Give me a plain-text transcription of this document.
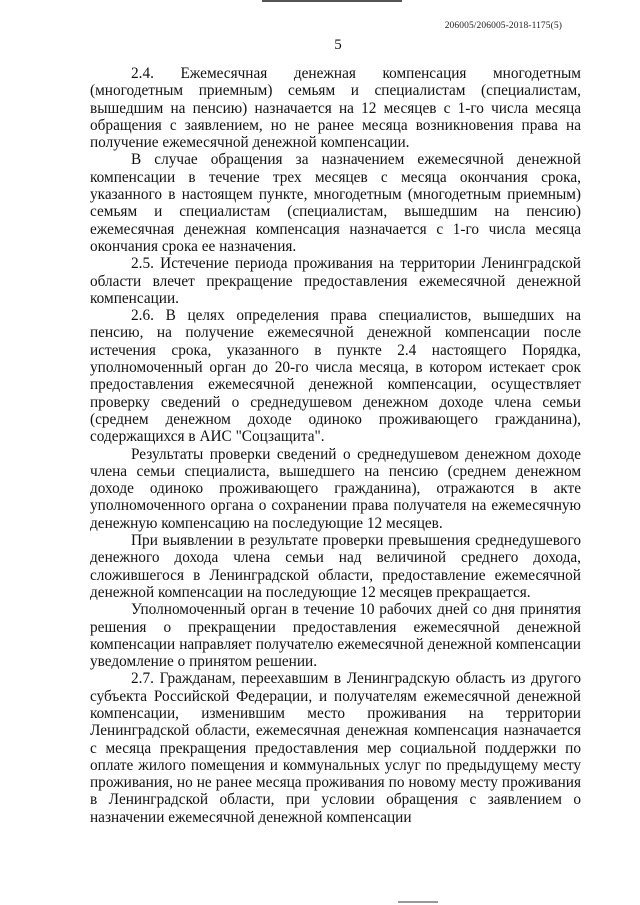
206005/206005-2018-1175(5)
5

2.4. Ежемесячная денежная компенсация многодетным (многодетным приемным) семьям и специалистам (специалистам, вышедшим на пенсию) назначается на 12 месяцев с 1-го числа месяца обращения с заявлением, но не ранее месяца возникновения права на получение ежемесячной денежной компенсации.

В случае обращения за назначением ежемесячной денежной компенсации в течение трех месяцев с месяца окончания срока, указанного в настоящем пункте, многодетным (многодетным приемным) семьям и специалистам (специалистам, вышедшим на пенсию) ежемесячная денежная компенсация назначается с 1-го числа месяца окончания срока ее назначения.

2.5. Истечение периода проживания на территории Ленинградской области влечет прекращение предоставления ежемесячной денежной компенсации.

2.6. В целях определения права специалистов, вышедших на пенсию, на получение ежемесячной денежной компенсации после истечения срока, указанного в пункте 2.4 настоящего Порядка, уполномоченный орган до 20-го числа месяца, в котором истекает срок предоставления ежемесячной денежной компенсации, осуществляет проверку сведений о среднедушевом денежном доходе члена семьи (среднем денежном доходе одиноко проживающего гражданина), содержащихся в АИС "Соцзащита".

Результаты проверки сведений о среднедушевом денежном доходе члена семьи специалиста, вышедшего на пенсию (среднем денежном доходе одиноко проживающего гражданина), отражаются в акте уполномоченного органа о сохранении права получателя на ежемесячную денежную компенсацию на последующие 12 месяцев.

При выявлении в результате проверки превышения среднедушевого денежного дохода члена семьи над величиной среднего дохода, сложившегося в Ленинградской области, предоставление ежемесячной денежной компенсации на последующие 12 месяцев прекращается.

Уполномоченный орган в течение 10 рабочих дней со дня принятия решения о прекращении предоставления ежемесячной денежной компенсации направляет получателю ежемесячной денежной компенсации уведомление о принятом решении.

2.7. Гражданам, переехавшим в Ленинградскую область из другого субъекта Российской Федерации, и получателям ежемесячной денежной компенсации, изменившим место проживания на территории Ленинградской области, ежемесячная денежная компенсация назначается с месяца прекращения предоставления мер социальной поддержки по оплате жилого помещения и коммунальных услуг по предыдущему месту проживания, но не ранее месяца проживания по новому месту проживания в Ленинградской области, при условии обращения с заявлением о назначении ежемесячной денежной компенсации
